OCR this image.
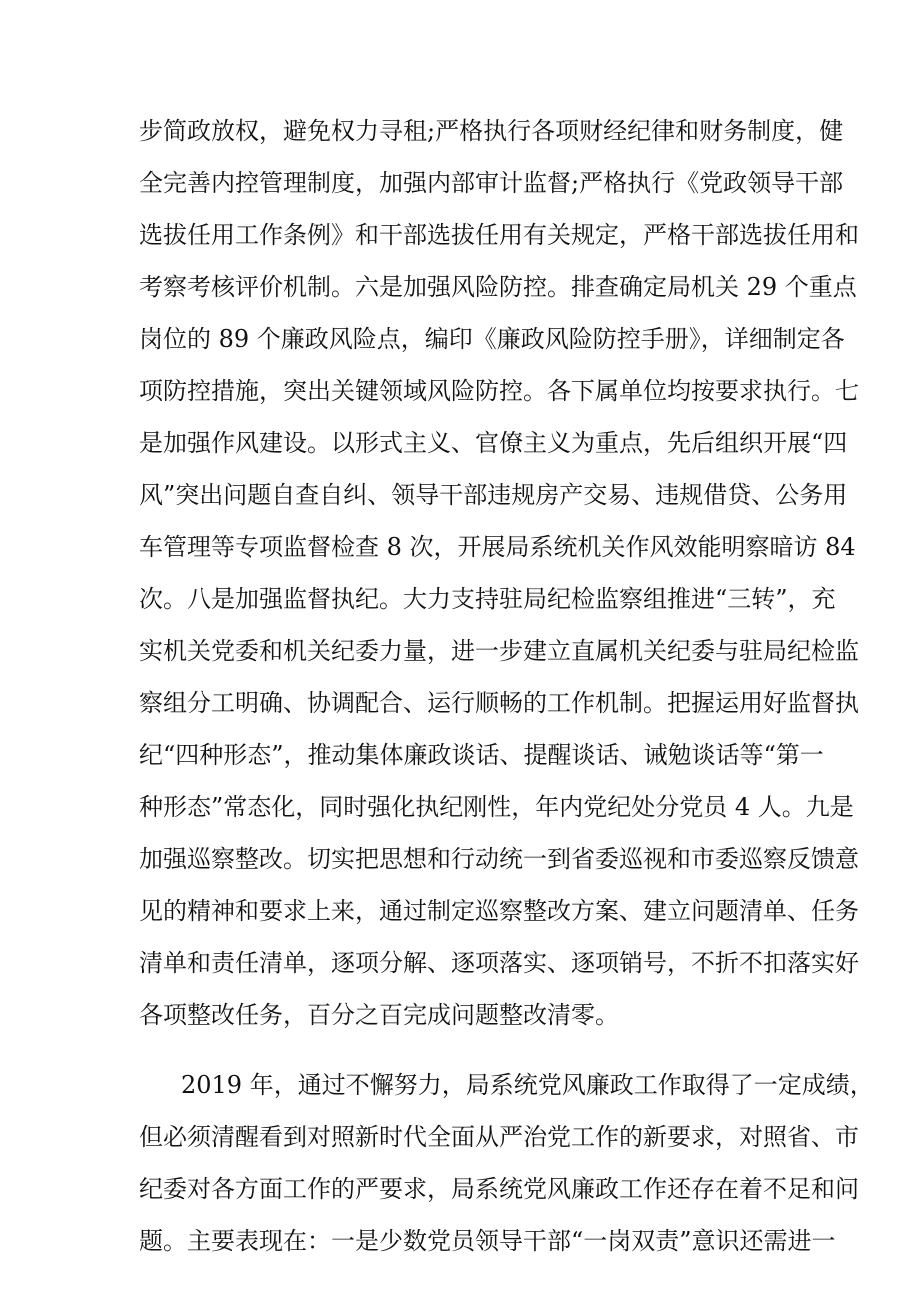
步简政放权，避免权力寻租;严格执行各项财经纪律和财务制度，健
全完善内控管理制度，加强内部审计监督;严格执行《党政领导干部
选拔任用工作条例》和干部选拔任用有关规定，严格干部选拔任用和
考察考核评价机制。六是加强风险防控。排查确定局机关 29 个重点
岗位的 89 个廉政风险点，编印《廉政风险防控手册》，详细制定各
项防控措施，突出关键领域风险防控。各下属单位均按要求执行。七
是加强作风建设。以形式主义、官僚主义为重点，先后组织开展“四
风”突出问题自查自纠、领导干部违规房产交易、违规借贷、公务用
车管理等专项监督检查 8 次，开展局系统机关作风效能明察暗访 84
次。八是加强监督执纪。大力支持驻局纪检监察组推进“三转”，充
实机关党委和机关纪委力量，进一步建立直属机关纪委与驻局纪检监
察组分工明确、协调配合、运行顺畅的工作机制。把握运用好监督执
纪“四种形态”，推动集体廉政谈话、提醒谈话、诫勉谈话等“第一
种形态”常态化，同时强化执纪刚性，年内党纪处分党员 4 人。九是
加强巡察整改。切实把思想和行动统一到省委巡视和市委巡察反馈意
见的精神和要求上来，通过制定巡察整改方案、建立问题清单、任务
清单和责任清单，逐项分解、逐项落实、逐项销号，不折不扣落实好
各项整改任务，百分之百完成问题整改清零。
2019 年，通过不懈努力，局系统党风廉政工作取得了一定成绩，
但必须清醒看到对照新时代全面从严治党工作的新要求，对照省、市
纪委对各方面工作的严要求，局系统党风廉政工作还存在着不足和问
题。主要表现在：一是少数党员领导干部“一岗双责”意识还需进一
